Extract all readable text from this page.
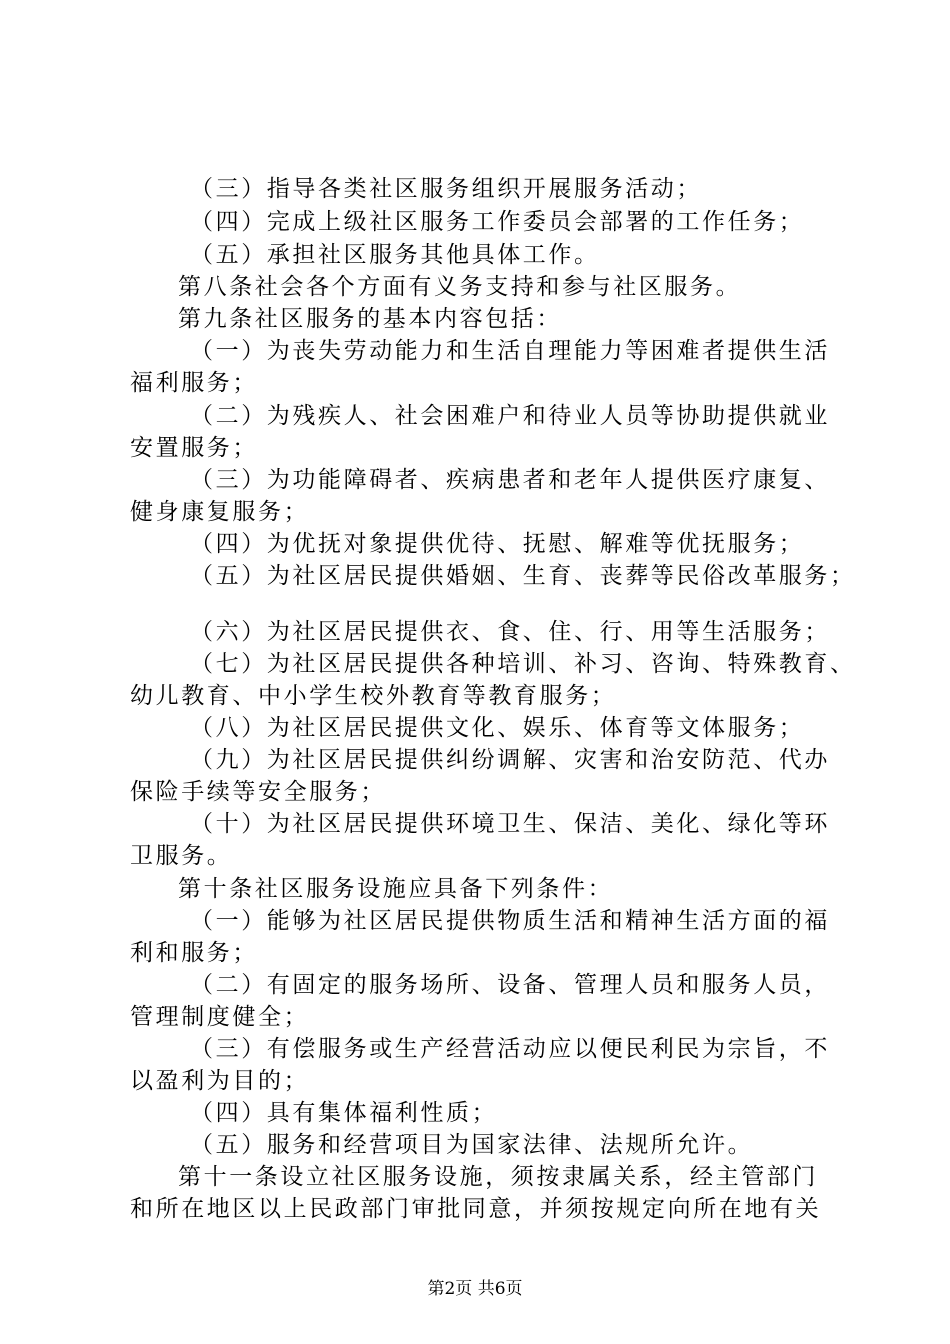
（三）指导各类社区服务组织开展服务活动；
（四）完成上级社区服务工作委员会部署的工作任务；
（五）承担社区服务其他具体工作。
第八条社会各个方面有义务支持和参与社区服务。
第九条社区服务的基本内容包括：
（一）为丧失劳动能力和生活自理能力等困难者提供生活
福利服务；
（二）为残疾人、社会困难户和待业人员等协助提供就业
安置服务；
（三）为功能障碍者、疾病患者和老年人提供医疗康复、
健身康复服务；
（四）为优抚对象提供优待、抚慰、解难等优抚服务；
（五）为社区居民提供婚姻、生育、丧葬等民俗改革服务；
（六）为社区居民提供衣、食、住、行、用等生活服务；
（七）为社区居民提供各种培训、补习、咨询、特殊教育、
幼儿教育、中小学生校外教育等教育服务；
（八）为社区居民提供文化、娱乐、体育等文体服务；
（九）为社区居民提供纠纷调解、灾害和治安防范、代办
保险手续等安全服务；
（十）为社区居民提供环境卫生、保洁、美化、绿化等环
卫服务。
第十条社区服务设施应具备下列条件：
（一）能够为社区居民提供物质生活和精神生活方面的福
利和服务；
（二）有固定的服务场所、设备、管理人员和服务人员，
管理制度健全；
（三）有偿服务或生产经营活动应以便民利民为宗旨，不
以盈利为目的；
（四）具有集体福利性质；
（五）服务和经营项目为国家法律、法规所允许。
第十一条设立社区服务设施，须按隶属关系，经主管部门
和所在地区以上民政部门审批同意，并须按规定向所在地有关
第2页 共6页
